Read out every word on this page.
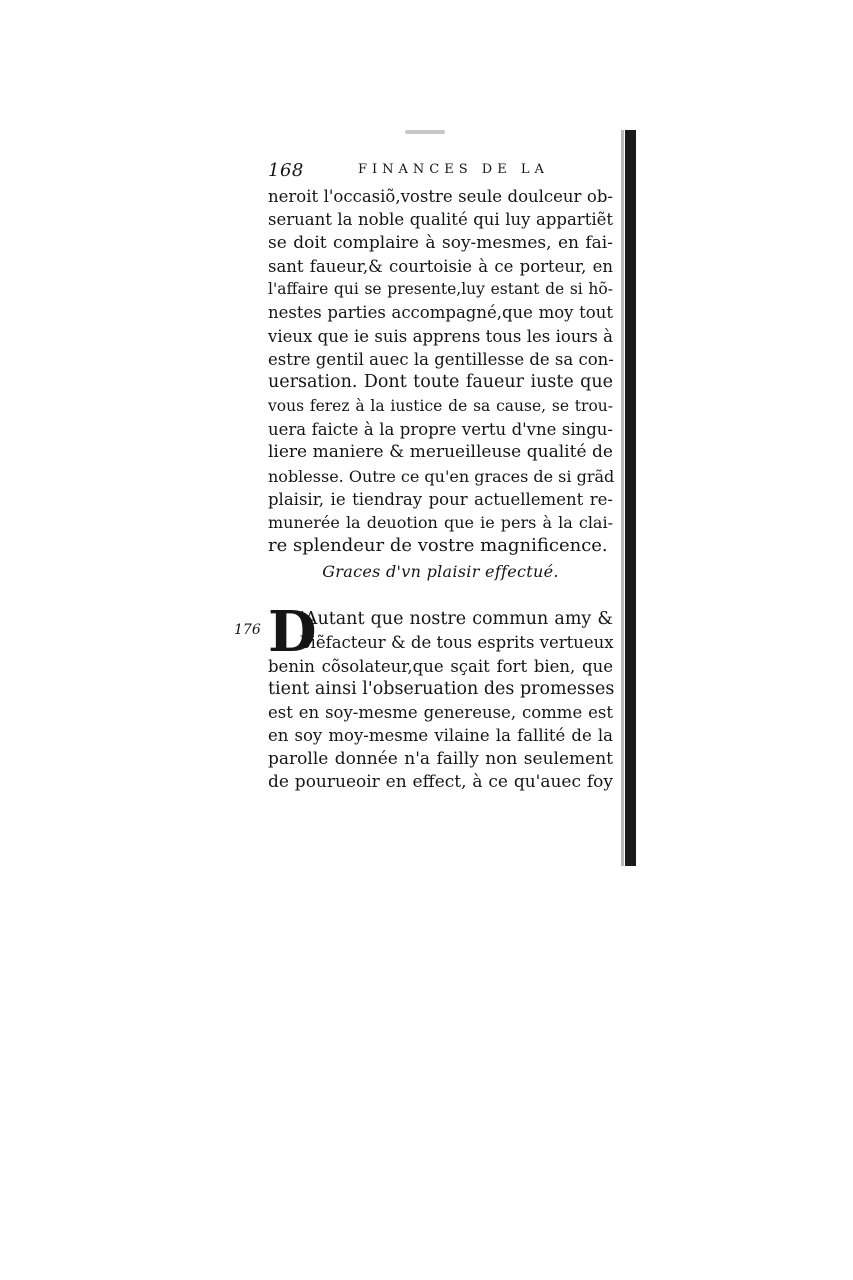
168	FINANCES DE LA
neroit l'occasiõ,vostre seule doulceur ob-
seruant la noble qualité qui luy appartiẽt
se doit complaire à soy-mesmes, en fai-
sant faueur,& courtoisie à ce porteur, en
l'affaire qui se presente,luy estant de si hõ-
nestes parties accompagné,que moy tout
vieux que ie suis apprens tous les iours à
estre gentil auec la gentillesse de sa con-
uersation. Dont toute faueur iuste que
vous ferez à la iustice de sa cause, se trou-
uera faicte à la propre vertu d'vne singu-
liere maniere & merueilleuse qualité de
noblesse. Outre ce qu'en graces de si grãd
plaisir, ie tiendray pour actuellement re-
munerée la deuotion que ie pers à la clai-
re splendeur de vostre magnificence.
Graces d'vn plaisir effectué.
176 D
'Autant que nostre commun amy &
biẽfacteur & de tous esprits vertueux
benin cõsolateur,que sçait fort bien, que
tient ainsi l'obseruation des promesses
est en soy-mesme genereuse, comme est
en soy moy-mesme vilaine la fallité de la
parolle donnée n'a failly non seulement
de pourueoir en effect, à ce qu'auec foy
